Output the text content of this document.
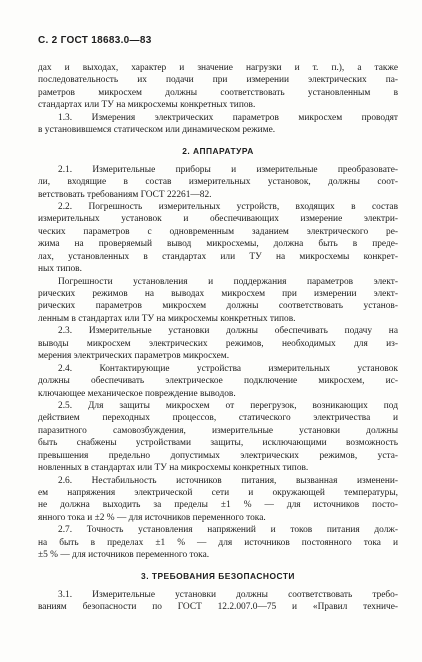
С. 2 ГОСТ 18683.0—83
дах и выходах, характер и значение нагрузки и т. п.), а также
последовательность их подачи при измерении электрических па-
раметров микросхем должны соответствовать установленным в
стандартах или ТУ на микросхемы конкретных типов.
1.3. Измерения электрических параметров микросхем проводят
в установившемся статическом или динамическом режиме.
2. АППАРАТУРА
2.1. Измерительные приборы и измерительные преобразовате-
ли, входящие в состав измерительных установок, должны соот-
ветствовать требованиям ГОСТ 22261—82.
2.2. Погрешность измерительных устройств, входящих в состав
измерительных установок и обеспечивающих измерение электри-
ческих параметров с одновременным заданием электрического ре-
жима на проверяемый вывод микросхемы, должна быть в преде-
лах, установленных в стандартах или ТУ на микросхемы конкрет-
ных типов.
Погрешности установления и поддержания параметров элект-
рических режимов на выводах микросхем при измерении элект-
рических параметров микросхем должны соответствовать установ-
ленным в стандартах или ТУ на микросхемы конкретных типов.
2.3. Измерительные установки должны обеспечивать подачу на
выводы микросхем электрических режимов, необходимых для из-
мерения электрических параметров микросхем.
2.4. Контактирующие устройства измерительных установок
должны обеспечивать электрическое подключение микросхем, ис-
ключающее механическое повреждение выводов.
2.5. Для защиты микросхем от перегрузок, возникающих под
действием переходных процессов, статического электричества и
паразитного самовозбуждения, измерительные установки должны
быть снабжены устройствами защиты, исключающими возможность
превышения предельно допустимых электрических режимов, уста-
новленных в стандартах или ТУ на микросхемы конкретных типов.
2.6. Нестабильность источников питания, вызванная изменени-
ем напряжения электрической сети и окружающей температуры,
не должна выходить за пределы ±1 % — для источников посто-
янного тока и ±2 % — для источников переменного тока.
2.7. Точность установления напряжений и токов питания долж-
на быть в пределах ±1 % — для источников постоянного тока и
±5 % — для источников переменного тока.
3. ТРЕБОВАНИЯ БЕЗОПАСНОСТИ
3.1. Измерительные установки должны соответствовать требо-
ваниям безопасности по ГОСТ 12.2.007.0—75 и «Правил техниче-
